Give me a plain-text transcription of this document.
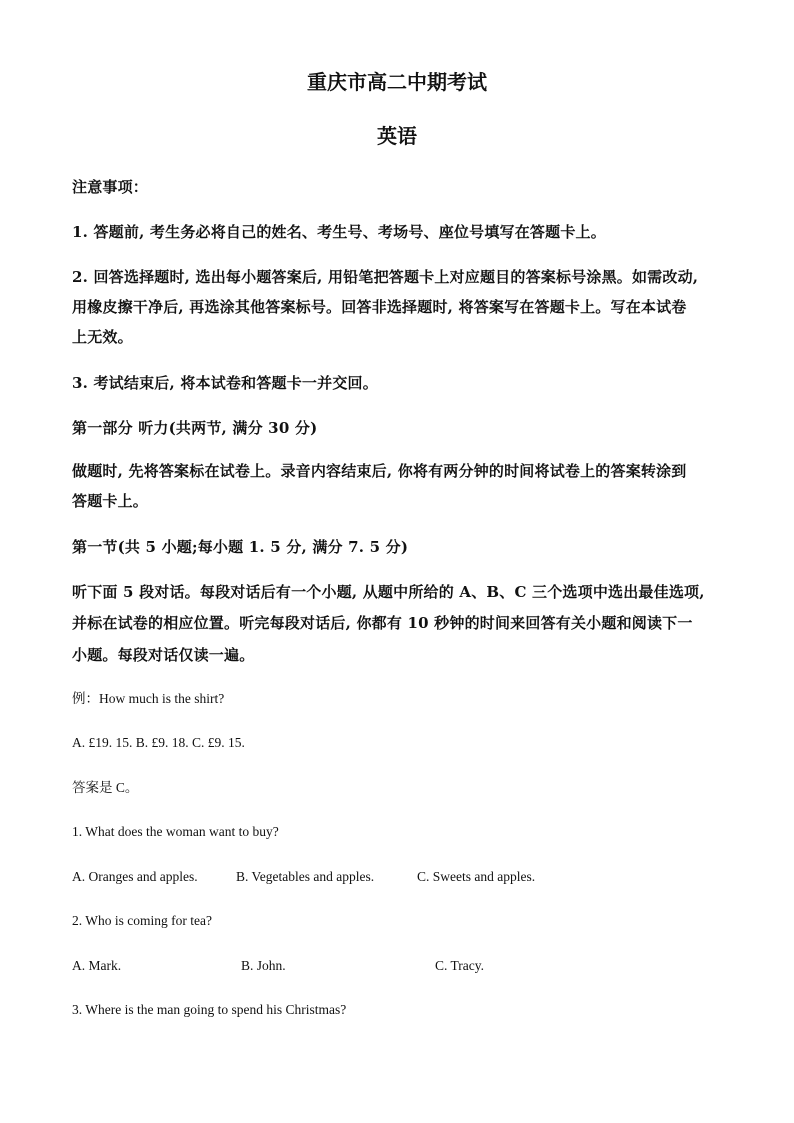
重庆市高二中期考试
英语
注意事项：
1. 答题前, 考生务必将自己的姓名、考生号、考场号、座位号填写在答题卡上。
2. 回答选择题时, 选出每小题答案后, 用铅笔把答题卡上对应题目的答案标号涂黑。如需改动,
用橡皮擦干净后, 再选涂其他答案标号。回答非选择题时, 将答案写在答题卡上。写在本试卷
上无效。
3. 考试结束后, 将本试卷和答题卡一并交回。
第一部分 听力(共两节, 满分 30 分)
做题时, 先将答案标在试卷上。录音内容结束后, 你将有两分钟的时间将试卷上的答案转涂到
答题卡上。
第一节(共 5 小题;每小题 1. 5 分, 满分 7. 5 分)
听下面 5 段对话。每段对话后有一个小题, 从题中所给的 A、B、C 三个选项中选出最佳选项,
并标在试卷的相应位置。听完每段对话后, 你都有 10 秒钟的时间来回答有关小题和阅读下一
小题。每段对话仅读一遍。
例：How much is the shirt?
A. £19. 15. B. £9. 18. C. £9. 15.
答案是 C。
1. What does the woman want to buy?
A. Oranges and apples.	B. Vegetables and apples.	C. Sweets and apples.
2. Who is coming for tea?
A. Mark.	B. John.	C. Tracy.
3. Where is the man going to spend his Christmas?
